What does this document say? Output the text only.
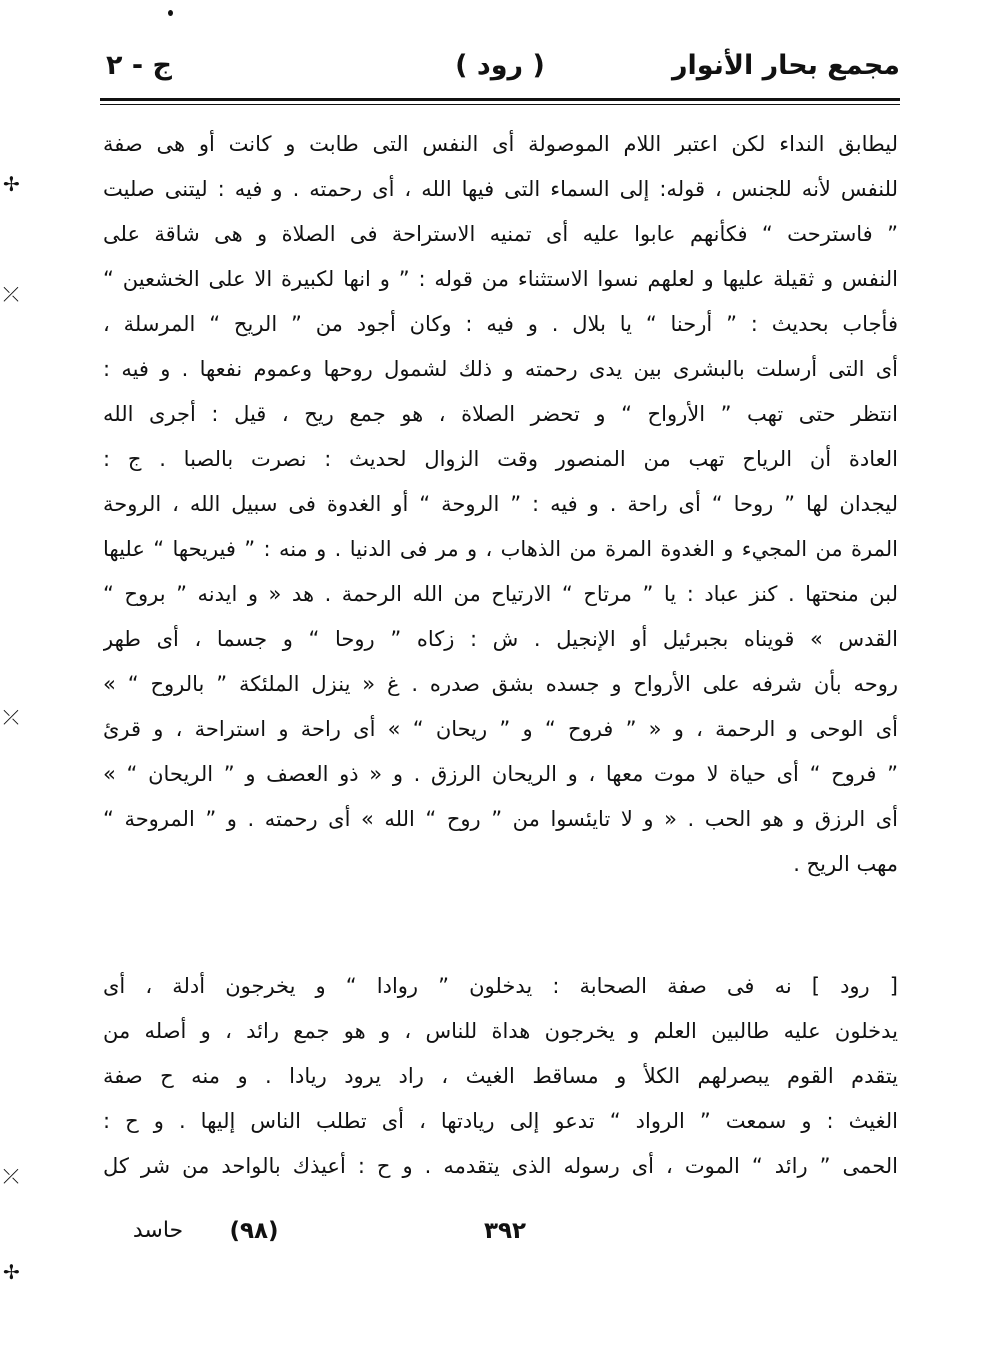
مجمع بحار الأنوار
( رود )
ج - ٢
ليطابق النداء لكن اعتبر اللام الموصولة أى النفس التى طابت و كانت أو هى صفة
للنفس لأنه للجنس ، قوله: إلى السماء التى فيها الله ، أى رحمته . و فيه : ليتنى صليت
” فاسترحت “ فكأنهم عابوا عليه أى تمنيه الاستراحة فى الصلاة و هى شاقة على
النفس و ثقيلة عليها و لعلهم نسوا الاستثناء من قوله : ” و انها لكبيرة الا على الخشعين “
فأجاب بحديث : ” أرحنا “ يا بلال . و فيه : وكان أجود من ” الريح “ المرسلة ،
أى التى أرسلت بالبشرى بين يدى رحمته و ذلك لشمول روحها وعموم نفعها . و فيه :
انتظر حتى تهب ” الأرواح “ و تحضر الصلاة ، هو جمع ريح ، قيل : أجرى الله
العادة أن الرياح تهب من المنصور وقت الزوال لحديث : نصرت بالصبا . ج :
ليجدان لها ” روحا “ أى راحة . و فيه : ” الروحة “ أو الغدوة فى سبيل الله ، الروحة
المرة من المجيء و الغدوة المرة من الذهاب ، و مر فى الدنيا . و منه : ” فيريحها “ عليها
لبن منحتها . كنز عباد : يا ” مرتاح “ الارتياح من الله الرحمة . هد « و ايدنه ” بروح “
القدس » قويناه بجبرئيل أو الإنجيل . ش : زكاه ” روحا “ و جسما ، أى طهر
روحه بأن شرفه على الأرواح و جسده بشق صدره . غ « ينزل الملئكة ” بالروح “ »
أى الوحى و الرحمة ، و « ” فروح “ و ” ريحان “ » أى راحة و استراحة ، و قرئ
” فروح “ أى حياة لا موت معها ، و الريحان الرزق . و « ذو العصف و ” الريحان “ »
أى الرزق و هو الحب . « و لا تايئسوا من ” روح “ الله » أى رحمته . و ” المروحة “
مهب الريح .
[ رود ] نه فى صفة الصحابة : يدخلون ” روادا “ و يخرجون أدلة ، أى
يدخلون عليه طالبين العلم و يخرجون هداة للناس ، و هو جمع رائد ، و أصله من
يتقدم القوم يبصرلهم الكلأ و مساقط الغيث ، راد يرود ريادا . و منه ح صفة
الغيث : و سمعت ” الرواد “ تدعو إلى ريادتها ، أى تطلب الناس إليها . و ح :
الحمى ” رائد “ الموت ، أى رسوله الذى يتقدمه . و ح : أعيذك بالواحد من شر كل
٣٩٢
(٩٨)
حاسد
✢
⤫
⤫
⤫
✢
